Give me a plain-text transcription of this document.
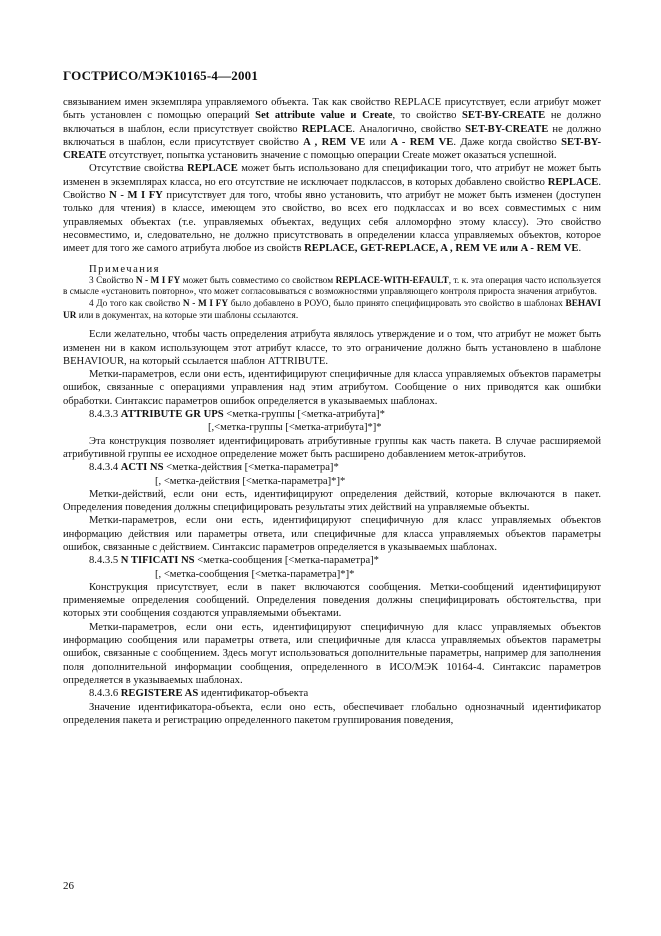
ГОСТРИСО/МЭК10165-4—2001

связыванием имен экземпляра управляемого объекта. Так как свойство REPLACE присутствует, если атрибут может быть установлен с помощью операций Set attribute value и Create, то свойство SET-BY-CREATE не должно включаться в шаблон, если присутствует свойство REPLACE. Аналогично, свойство SET-BY-CREATE не должно включаться в шаблон, если присутствует свойство A , REM VE или A - REM VE. Даже когда свойство SET-BY-CREATE отсутствует, попытка установить значение с помощью операции Create может оказаться успешной.

Отсутствие свойства REPLACE может быть использовано для спецификации того, что атрибут не может быть изменен в экземплярах класса, но его отсутствие не исключает подклассов, в которых добавлено свойство REPLACE. Свойство N - M I FY присутствует для того, чтобы явно установить, что атрибут не может быть изменен (доступен только для чтения) в классе, имеющем это свойство, во всех его подклассах и во всех совместимых с ним управляемых объектах (т.е. управляемых объектах, ведущих себя алломорфно этому классу). Это свойство несовместимо, и, следовательно, не должно присутствовать в определении класса управляемых объектов, которое имеет для того же самого атрибута любое из свойств REPLACE, GET-REPLACE, A , REM VE или A - REM VE.

Примечания

3 Свойство N - M I FY может быть совместимо со свойством REPLACE-WITH-EFAULT, т. к. эта операция часто используется в смысле «установить повторно», что может согласовываться с возможностями управляющего контроля прироста значения атрибутов.

4 До того как свойство N - M I FY было добавлено в РОУО, было принято специфицировать это свойство в шаблонах BEHAVI UR или в документах, на которые эти шаблоны ссылаются.

Если желательно, чтобы часть определения атрибута являлось утверждение и о том, что атрибут не может быть изменен ни в каком использующем этот атрибут классе, то это ограничение должно быть установлено в шаблоне BEHAVIOUR, на который ссылается шаблон ATTRIBUTE.

Метки-параметров, если они есть, идентифицируют специфичные для класса управляемых объектов параметры ошибок, связанные с операциями управления над этим атрибутом. Сообщение о них приводятся как ошибки обработки. Синтаксис параметров ошибок определяется в указываемых шаблонах.

8.4.3.3 ATTRIBUTE GR UPS <метка-группы [<метка-атрибута]*

[,<метка-группы [<метка-атрибута]*]*

Эта конструкция позволяет идентифицировать атрибутивные группы как часть пакета. В случае расширяемой атрибутивной группы ее исходное определение может быть расширено добавлением меток-атрибутов.

8.4.3.4 ACTI NS <метка-действия [<метка-параметра]*

[, <метка-действия [<метка-параметра]*]*

Метки-действий, если они есть, идентифицируют определения действий, которые включаются в пакет. Определения поведения должны специфицировать результаты этих действий на управляемые объекты.

Метки-параметров, если они есть, идентифицируют специфичную для класс управляемых объектов информацию действия или параметры ответа, или специфичные для класса управляемых объектов параметры ошибок, связанные с действием. Синтаксис параметров определяется в указываемых шаблонах.

8.4.3.5 N TIFICATI NS <метка-сообщения [<метка-параметра]*

[, <метка-сообщения [<метка-параметра]*]*

Конструкция присутствует, если в пакет включаются сообщения. Метки-сообщений идентифицируют применяемые определения сообщений. Определения поведения должны специфицировать обстоятельства, при которых эти сообщения создаются управляемыми объектами.

Метки-параметров, если они есть, идентифицируют специфичную для класс управляемых объектов информацию сообщения или параметры ответа, или специфичные для класса управляемых объектов параметры ошибок, связанные с сообщением. Здесь могут использоваться дополнительные параметры, например для заполнения поля дополнительной информации сообщения, определенного в ИСО/МЭК 10164-4. Синтаксис параметров определяется в указываемых шаблонах.

8.4.3.6 REGISTERE AS идентификатор-объекта

Значение идентификатора-объекта, если оно есть, обеспечивает глобально однозначный идентификатор определения пакета и регистрацию определенного пакетом группирования поведения,

26
